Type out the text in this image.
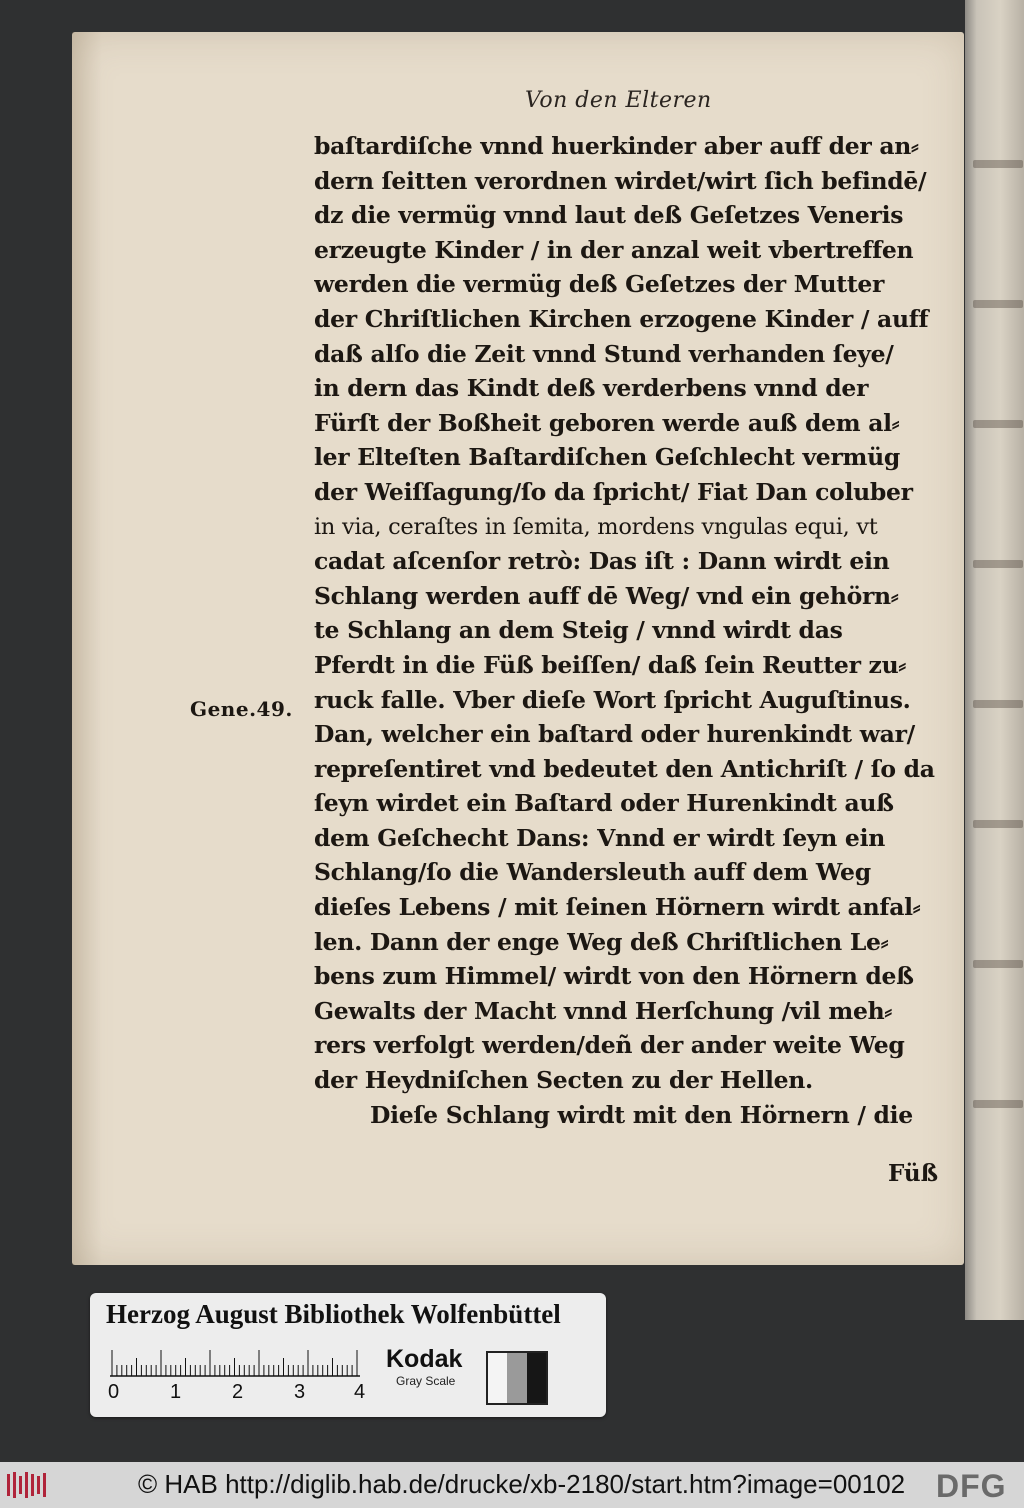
Von den Elteren
baſtardiſche vnnd huerkinder aber auff der an⸗
dern ſeitten verordnen wirdet/wirt ſich befindē/
dz die vermüg vnnd laut deß Geſetzes Veneris
erzeugte Kinder / in der anzal weit vbertreffen
werden die vermüg deß Geſetzes der Mutter
der Chriſtlichen Kirchen erzogene Kinder / auff
daß alſo die Zeit vnnd Stund verhanden ſeye/
in dern das Kindt deß verderbens vnnd der
Fürſt der Boßheit geboren werde auß dem al⸗
ler Elteſten Baſtardiſchen Geſchlecht vermüg
der Weiſſagung/ſo da ſpricht/ Fiat Dan coluber
in via, ceraſtes in ſemita, mordens vngulas equi, vt
cadat aſcenſor retrò: Das iſt : Dann wirdt ein
Schlang werden auff dē Weg/ vnd ein gehörn⸗
te Schlang an dem Steig / vnnd wirdt das
Pferdt in die Füß beiſſen/ daß ſein Reutter zu⸗
ruck falle. Vber dieſe Wort ſpricht Auguſtinus.
Dan, welcher ein baſtard oder hurenkindt war/
repreſentiret vnd bedeutet den Antichriſt / ſo da
ſeyn wirdet ein Baſtard oder Hurenkindt auß
dem Geſchecht Dans: Vnnd er wirdt ſeyn ein
Schlang/ſo die Wandersleuth auff dem Weg
dieſes Lebens / mit ſeinen Hörnern wirdt anfal⸗
len. Dann der enge Weg deß Chriſtlichen Le⸗
bens zum Himmel/ wirdt von den Hörnern deß
Gewalts der Macht vnnd Herſchung /vil meh⸗
rers verfolgt werden/deñ der ander weite Weg
der Heydniſchen Secten zu der Hellen.
Dieſe Schlang wirdt mit den Hörnern / die
Gene.49.
Füß
Herzog August Bibliothek Wolfenbüttel
0	1	2	3 4
Kodak
Gray Scale
© HAB http://diglib.hab.de/drucke/xb-2180/start.htm?image=00102 DFG
